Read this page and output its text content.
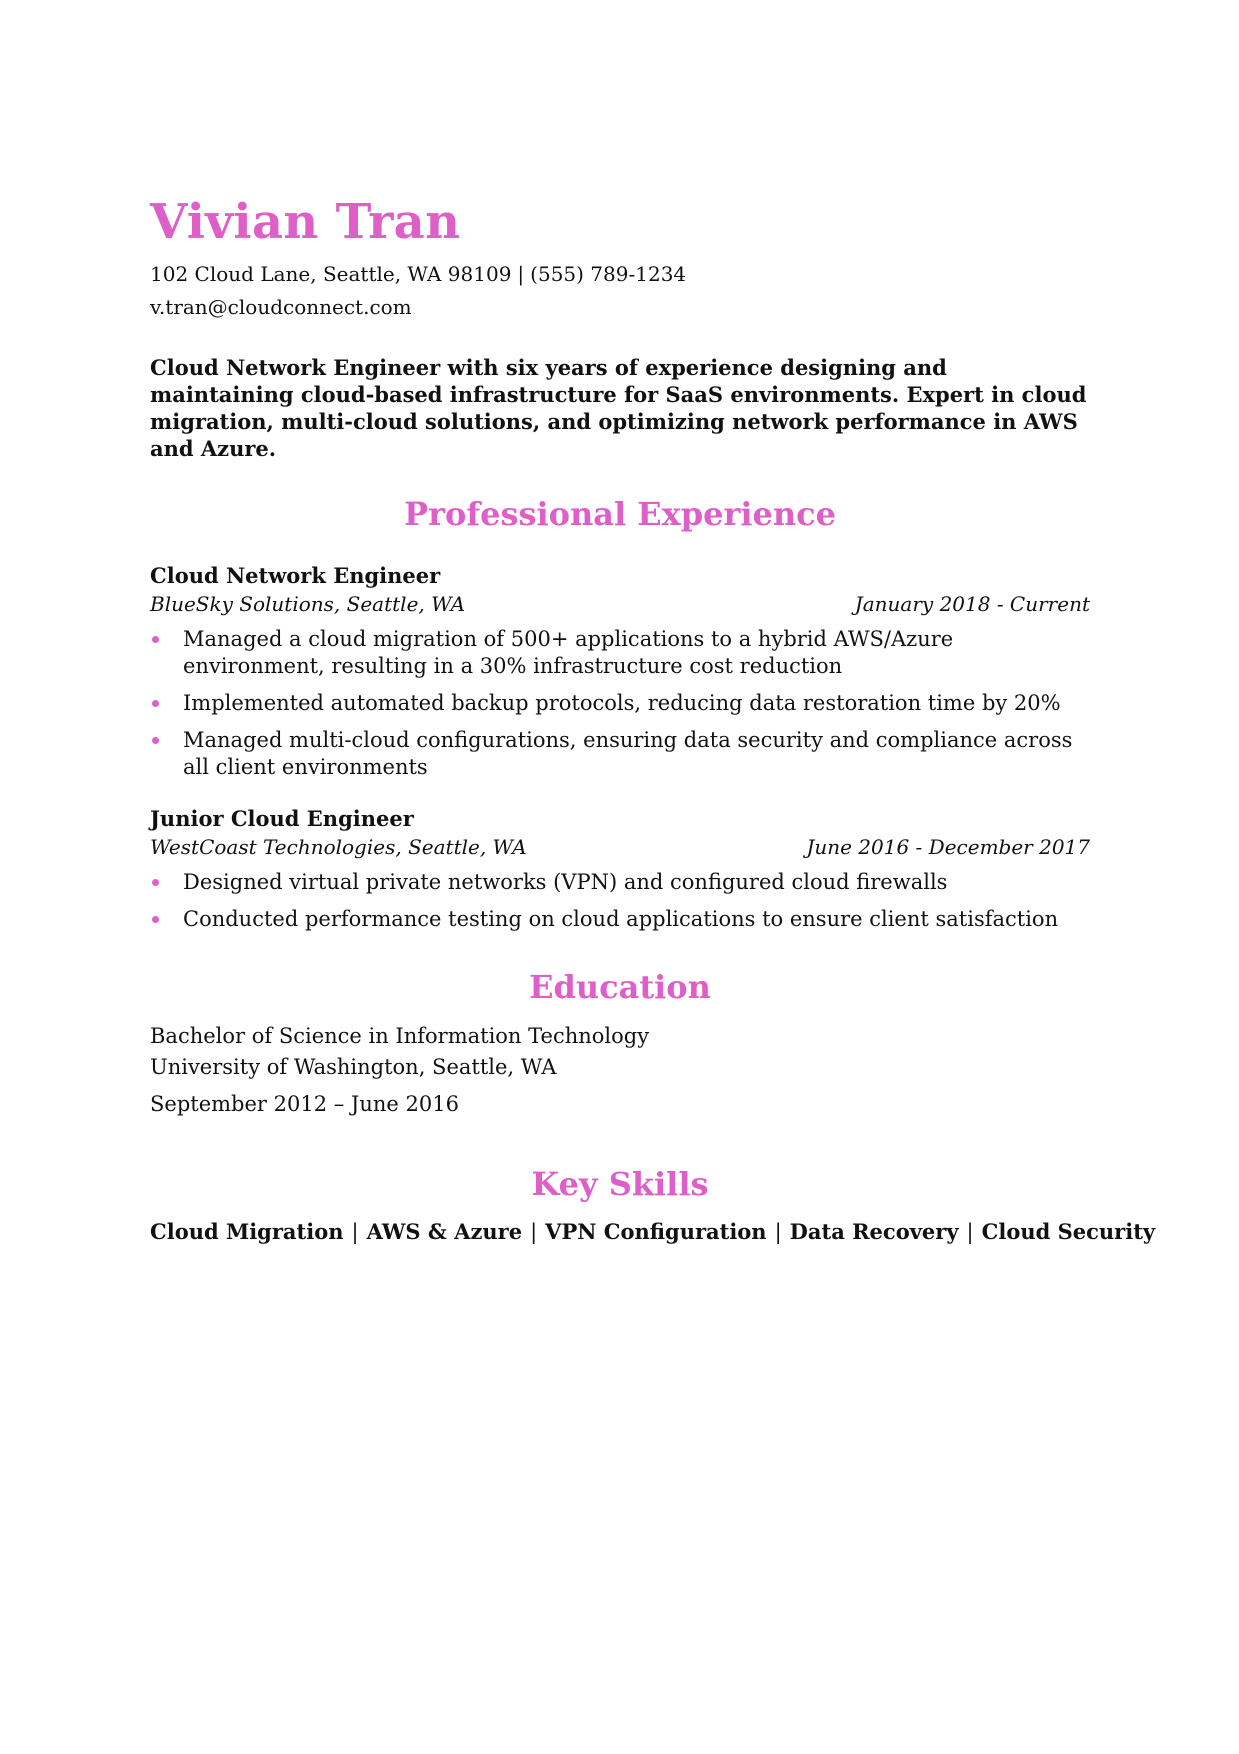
Vivian Tran
102 Cloud Lane, Seattle, WA 98109 | (555) 789-1234
v.tran@cloudconnect.com

Cloud Network Engineer with six years of experience designing and maintaining cloud-based infrastructure for SaaS environments. Expert in cloud migration, multi-cloud solutions, and optimizing network performance in AWS and Azure.

Professional Experience
Cloud Network Engineer
BlueSky Solutions, Seattle, WA	January 2018 - Current
Managed a cloud migration of 500+ applications to a hybrid AWS/Azure environment, resulting in a 30% infrastructure cost reduction
Implemented automated backup protocols, reducing data restoration time by 20%
Managed multi-cloud configurations, ensuring data security and compliance across all client environments
Junior Cloud Engineer
WestCoast Technologies, Seattle, WA	June 2016 - December 2017
Designed virtual private networks (VPN) and configured cloud firewalls
Conducted performance testing on cloud applications to ensure client satisfaction
Education
Bachelor of Science in Information Technology
University of Washington, Seattle, WA
September 2012 – June 2016
Key Skills
Cloud Migration | AWS & Azure | VPN Configuration | Data Recovery | Cloud Security
